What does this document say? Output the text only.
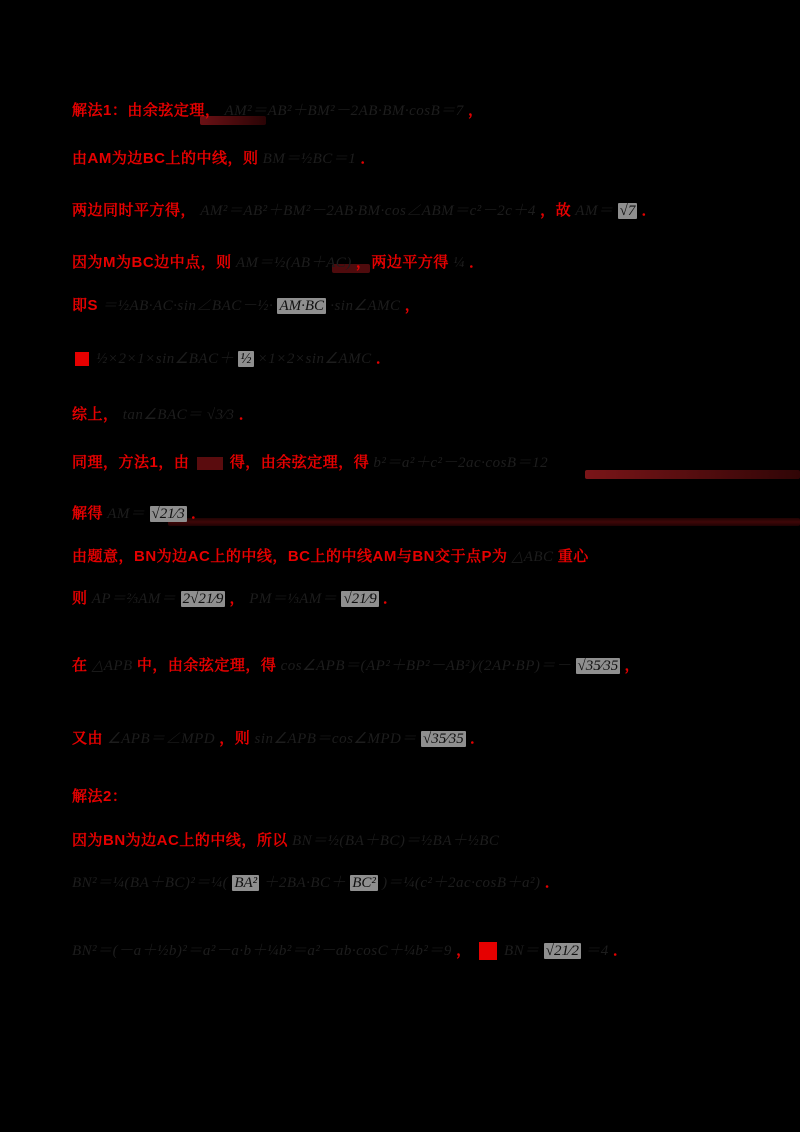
解法1：由余弦定理， AM²＝AB²＋BM²－2AB·BM·cosB＝7 ，
由AM为边BC上的中线，则 BM＝½BC＝1 ．
两边同时平方得， AM²＝AB²＋BM²－2AB·BM·cos∠ABM＝c²－2c＋4 ，故 AM＝ √7 ．
因为M为BC边中点，则 AM＝½(AB＋AC) ，两边平方得 ¼ ．
即S ＝½AB·AC·sin∠BAC－½· AM·BC ·sin∠AMC ，
½×2×1×sin∠BAC＋ ½ ×1×2×sin∠AMC ．
综上， tan∠BAC＝ √3⁄3 ．
同理，方法1，由	得，由余弦定理，得 b²＝a²＋c²－2ac·cosB＝12
解得 AM＝ √21⁄3 ．
由题意，BN为边AC上的中线，BC上的中线AM与BN交于点P为 △ABC 重心
则 AP＝⅔AM＝ 2√21⁄9 ， PM＝⅓AM＝ √21⁄9 ．
在 △APB 中，由余弦定理，得 cos∠APB＝(AP²＋BP²－AB²)⁄(2AP·BP)＝－ √35⁄35 ，
又由 ∠APB＝∠MPD ，则 sin∠APB＝cos∠MPD＝ √35⁄35 ．
解法2：
因为BN为边AC上的中线，所以 BN＝½(BA＋BC)＝½BA＋½BC
BN²＝¼(BA＋BC)²＝¼( BA² ＋2BA·BC＋ BC² )＝¼(c²＋2ac·cosB＋a²) ．
BN²＝(－a＋½b)²＝a²－a·b＋¼b²＝a²－ab·cosC＋¼b²＝9 ， BN＝ √21⁄2 ＝4 ．
